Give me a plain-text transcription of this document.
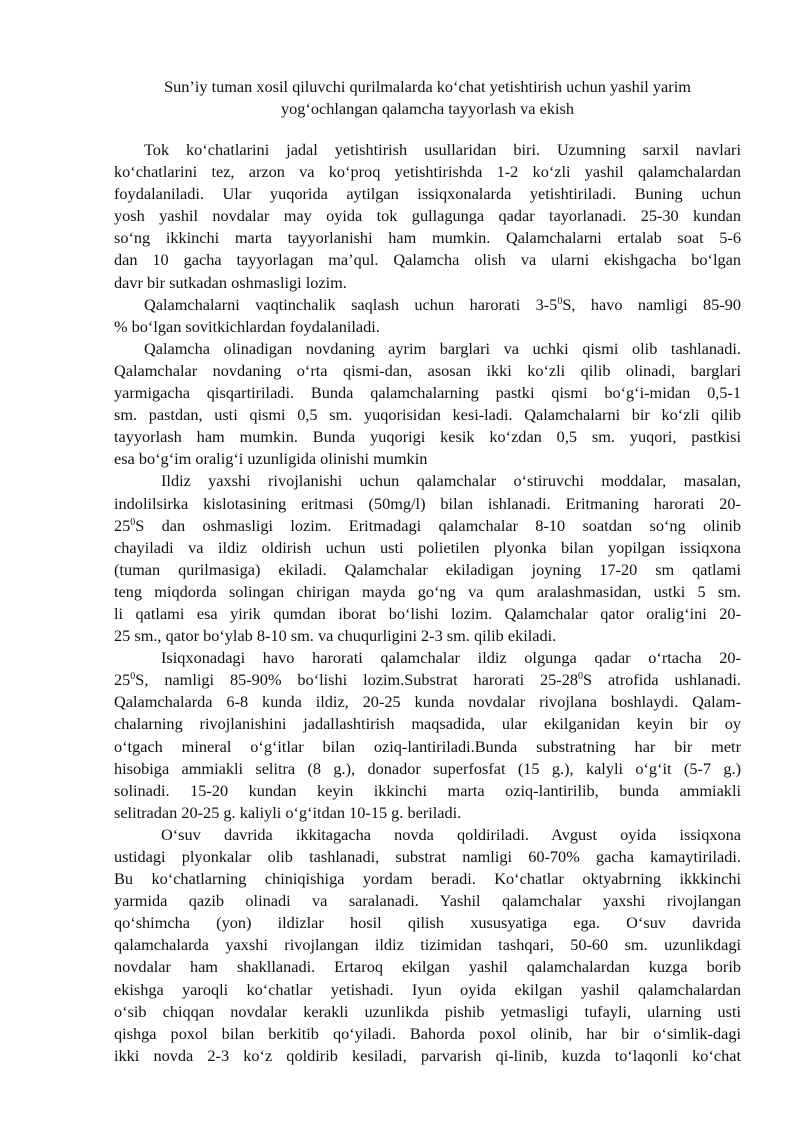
Sun’iy tuman xosil qiluvchi qurilmalarda ko‘chat yetishtirish uchun yashil yarim
yog‘ochlangan qalamcha tayyorlash va ekish

Tok ko‘chatlarini jadal yetishtirish usullaridan biri. Uzumning sarxil navlari
ko‘chatlarini tez, arzon va ko‘proq yetishtirishda 1-2 ko‘zli yashil qalamchalardan
foydalaniladi. Ular yuqorida aytilgan issiqxonalarda yetishtiriladi. Buning uchun
yosh yashil novdalar may oyida tok gullagunga qadar tayorlanadi. 25-30 kundan
so‘ng ikkinchi marta tayyorlanishi ham mumkin. Qalamchalarni ertalab soat 5-6
dan 10 gacha tayyorlagan ma’qul. Qalamcha olish va ularni ekishgacha bo‘lgan
davr bir sutkadan oshmasligi lozim.

Qalamchalarni vaqtinchalik saqlash uchun harorati $3-5^0S$, havo namligi 85-90
% bo‘lgan sovitkichlardan foydalaniladi.

Qalamcha olinadigan novdaning ayrim barglari va uchki qismi olib tashlanadi.
Qalamchalar novdaning o‘rta qismi-dan, asosan ikki ko‘zli qilib olinadi, barglari
yarmigacha qisqartiriladi. Bunda qalamchalarning pastki qismi bo‘g‘i-midan 0,5-1
sm. pastdan, usti qismi 0,5 sm. yuqorisidan kesi-ladi. Qalamchalarni bir ko‘zli qilib
tayyorlash ham mumkin. Bunda yuqorigi kesik ko‘zdan 0,5 sm. yuqori, pastkisi
esa bo‘g‘im oralig‘i uzunligida olinishi mumkin

Ildiz yaxshi rivojlanishi uchun qalamchalar o‘stiruvchi moddalar, masalan,
indolilsirka kislotasining eritmasi (50mg/l) bilan ishlanadi. Eritmaning harorati 20-
$25^0S$ dan oshmasligi lozim. Eritmadagi qalamchalar 8-10 soatdan so‘ng olinib
chayiladi va ildiz oldirish uchun usti polietilen plyonka bilan yopilgan issiqxona
(tuman qurilmasiga) ekiladi. Qalamchalar ekiladigan joyning 17-20 sm qatlami
teng miqdorda solingan chirigan mayda go‘ng va qum aralashmasidan, ustki 5 sm.
li qatlami esa yirik qumdan iborat bo‘lishi lozim. Qalamchalar qator oralig‘ini 20-
25 sm., qator bo‘ylab 8-10 sm. va chuqurligini 2-3 sm. qilib ekiladi.

Isiqxonadagi havo harorati qalamchalar ildiz olgunga qadar o‘rtacha 20-
$25^0S$, namligi 85-90% bo‘lishi lozim.Substrat harorati $25-28^0S$ atrofida ushlanadi.
Qalamchalarda 6-8 kunda ildiz, 20-25 kunda novdalar rivojlana boshlaydi. Qalam-
chalarning rivojlanishini jadallashtirish maqsadida, ular ekilganidan keyin bir oy
o‘tgach mineral o‘g‘itlar bilan oziq-lantiriladi.Bunda substratning har bir metr
hisobiga ammiakli selitra (8 g.), donador superfosfat (15 g.), kalyli o‘g‘it (5-7 g.)
solinadi. 15-20 kundan keyin ikkinchi marta oziq-lantirilib, bunda ammiakli
selitradan 20-25 g. kaliyli o‘g‘itdan 10-15 g. beriladi.

O‘suv davrida ikkitagacha novda qoldiriladi. Avgust oyida issiqxona
ustidagi plyonkalar olib tashlanadi, substrat namligi 60-70% gacha kamaytiriladi.
Bu ko‘chatlarning chiniqishiga yordam beradi. Ko‘chatlar oktyabrning ikkkinchi
yarmida qazib olinadi va saralanadi. Yashil qalamchalar yaxshi rivojlangan
qo‘shimcha (yon) ildizlar hosil qilish xususyatiga ega. O‘suv davrida
qalamchalarda yaxshi rivojlangan ildiz tizimidan tashqari, 50-60 sm. uzunlikdagi
novdalar ham shakllanadi. Ertaroq ekilgan yashil qalamchalardan kuzga borib
ekishga yaroqli ko‘chatlar yetishadi. Iyun oyida ekilgan yashil qalamchalardan
o‘sib chiqqan novdalar kerakli uzunlikda pishib yetmasligi tufayli, ularning usti
qishga poxol bilan berkitib qo‘yiladi. Bahorda poxol olinib, har bir o‘simlik-dagi
ikki novda 2-3 ko‘z qoldirib kesiladi, parvarish qi-linib, kuzda to‘laqonli ko‘chat
